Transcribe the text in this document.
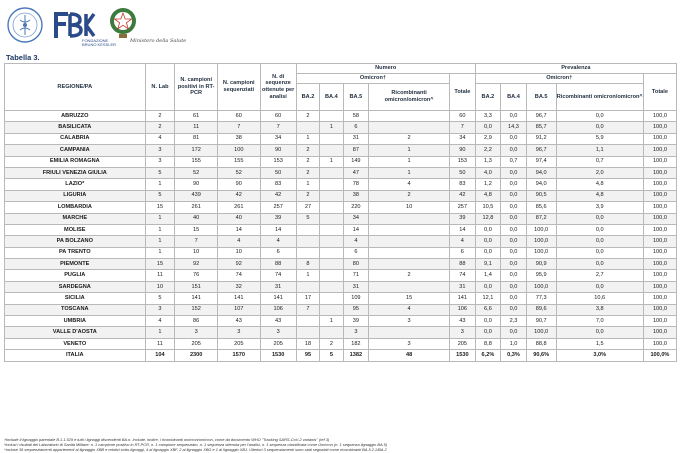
FONDAZIONE
BRUNO KESSLER
Ministero della Salute
Tabella 3.
REGIONE/PA	N. Lab	N. campioni positivi in RT-PCR	N. campioni sequenziati	N. di sequenze ottenute per analisi	Numero					Prevalenza				
					Omicron†				Totale	Omicron†				Totale
					BA.2	BA.4	BA.5	Ricombinanti omicron/omicron^		BA.2	BA.4	BA.5	Ricombinanti omicron/omicron^	
ABRUZZO	2	61	60	60	2		58		60	3,3	0,0	96,7	0,0	100,0
BASILICATA	2	11	7	7		1	6		7	0,0	14,3	85,7	0,0	100,0
CALABRIA	4	81	38	34	1		31	2	34	2,9	0,0	91,2	5,9	100,0
CAMPANIA	3	172	100	90	2		87	1	90	2,2	0,0	96,7	1,1	100,0
EMILIA ROMAGNA	3	155	155	153	2	1	149	1	153	1,3	0,7	97,4	0,7	100,0
FRIULI VENEZIA GIULIA	5	52	52	50	2		47	1	50	4,0	0,0	94,0	2,0	100,0
LAZIO*	1	90	90	83	1		78	4	83	1,2	0,0	94,0	4,8	100,0
LIGURIA	5	439	42	42	2		38	2	42	4,8	0,0	90,5	4,8	100,0
LOMBARDIA	15	261	261	257	27		220	10	257	10,5	0,0	85,6	3,9	100,0
MARCHE	1	40	40	39	5		34		39	12,8	0,0	87,2	0,0	100,0
MOLISE	1	15	14	14			14		14	0,0	0,0	100,0	0,0	100,0
PA BOLZANO	1	7	4	4			4		4	0,0	0,0	100,0	0,0	100,0
PA TRENTO	1	10	10	6			6		6	0,0	0,0	100,0	0,0	100,0
PIEMONTE	15	92	92	88	8		80		88	9,1	0,0	90,9	0,0	100,0
PUGLIA	11	76	74	74	1		71	2	74	1,4	0,0	95,9	2,7	100,0
SARDEGNA	10	151	32	31			31		31	0,0	0,0	100,0	0,0	100,0
SICILIA	5	141	141	141	17		109	15	141	12,1	0,0	77,3	10,6	100,0
TOSCANA	3	152	107	106	7		95	4	106	6,6	0,0	89,6	3,8	100,0
UMBRIA	4	86	43	43		1	39	3	43	0,0	2,3	90,7	7,0	100,0
VALLE D'AOSTA	1	3	3	3			3		3	0,0	0,0	100,0	0,0	100,0
VENETO	11	205	205	205	18	2	182	3	205	8,8	1,0	88,8	1,5	100,0
ITALIA	104	2300	1570	1530	95	5	1382	48	1530	6,2%	0,3%	90,6%	3,0%	100,0%
†include il lignaggio parentale B.1.1.529 e tutti i lignaggi discendenti BA.n. Include, inoltre, i ricombinanti omicron/omicron, come da documento WHO "Tracking SARS-CoV-2 variants" (ref 3)
*inclusi i risultati del Laboratorio di Sanità Militare: n. 1 campione positivo in RT-PCR, n. 1 campione sequenziato, n. 1 sequenza ottenuta per l'analisi, n. 1 sequenza classificata come Omicron (n. 1 sequenza lignaggio BA.5)
^incluse 36 sequenziamenti appartenenti al lignaggio XBB e relativi sotto-lignaggi, 4 al lignaggio XBF, 2 al lignaggio XBG e 1 al lignaggio XBJ. Ulteriori 3 sequenziamenti sono stati segnalati come ricombinanti BA.5.2.1/BA.2
